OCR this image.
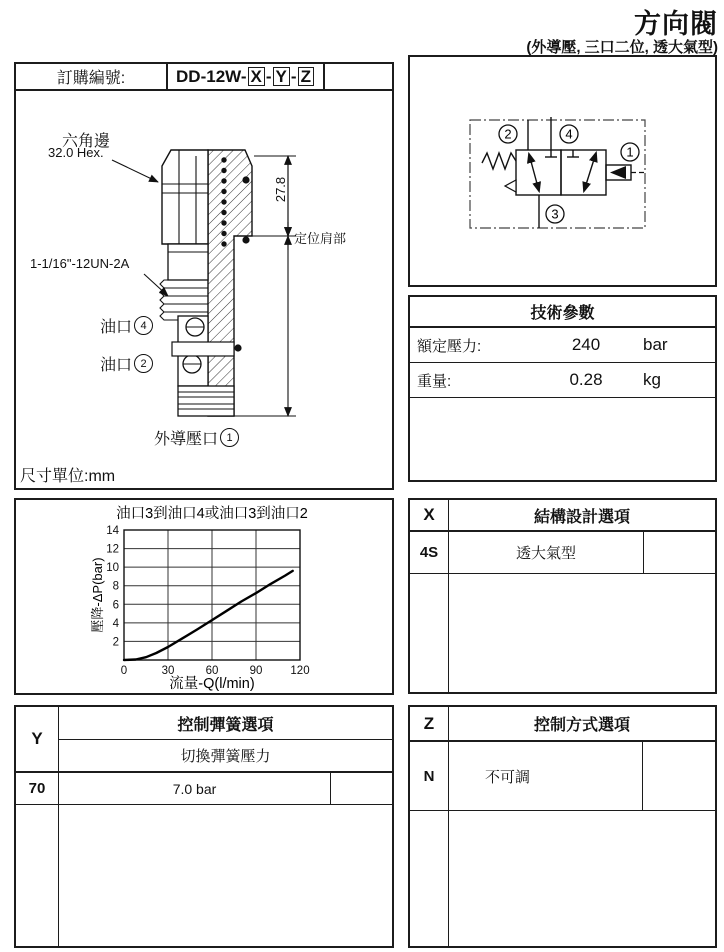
方向閥
(外導壓, 三口二位, 透大氣型)
訂購編號:	DD-12W- X - Y - Z
六角邊
32.0 Hex.
27.8
定位肩部
1-1/16"-12UN-2A
油口 4
油口 2
外導壓口 1
尺寸單位:mm
2	4
1
3
技術參數
額定壓力:	240	bar
重量:	0.28	kg
油口3到油口4或油口3到油口2
壓降-ΔP(bar)
流量-Q(l/min)
2
4
6
8
10
12
14
0	30	60	90 120
X	結構設計選項
4S	透大氣型
Y
控制彈簧選項
切換彈簧壓力
70	7.0 bar
Z	控制方式選項
N	不可調
